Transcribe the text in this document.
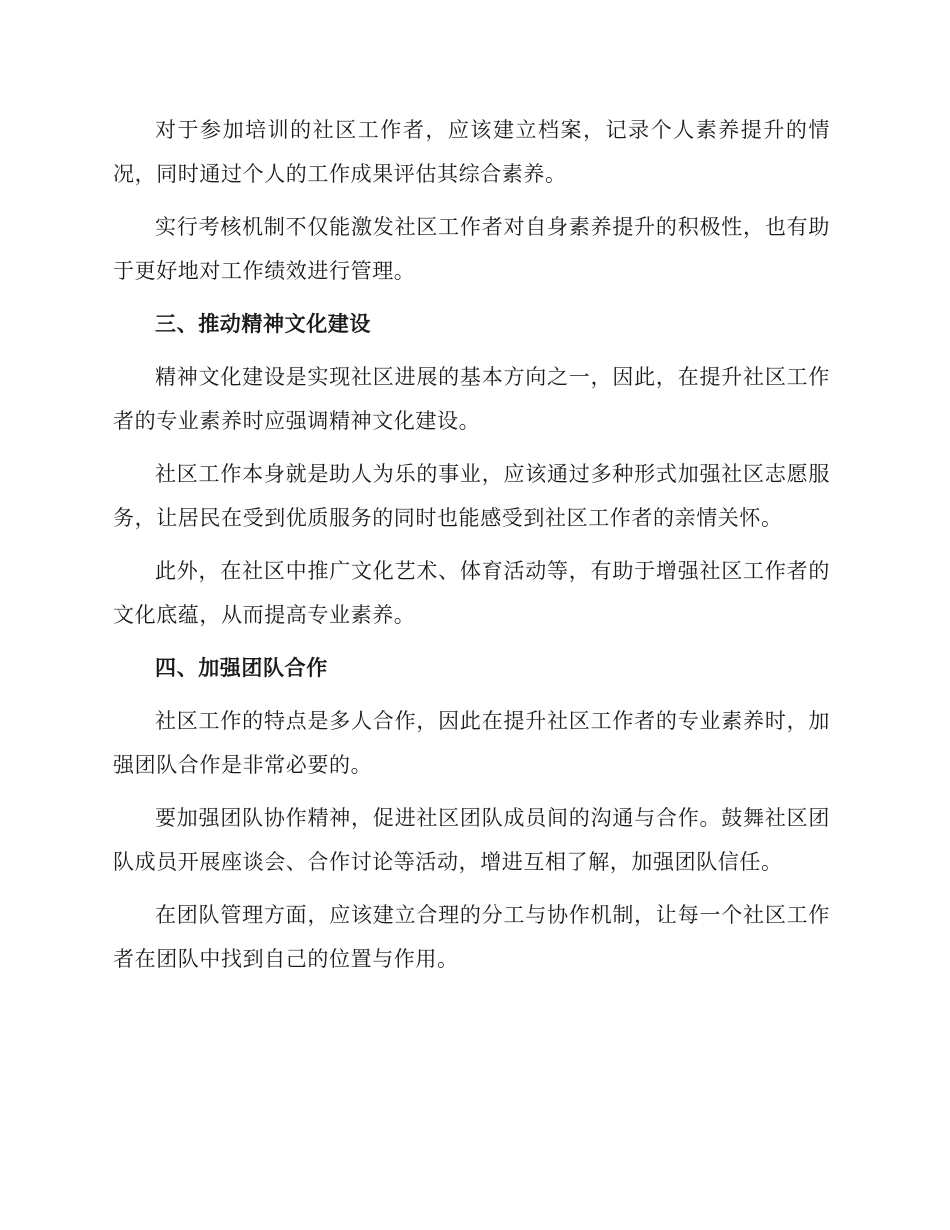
对于参加培训的社区工作者，应该建立档案，记录个人素养提升的情况，同时通过个人的工作成果评估其综合素养。

实行考核机制不仅能激发社区工作者对自身素养提升的积极性，也有助于更好地对工作绩效进行管理。

三、推动精神文化建设

精神文化建设是实现社区进展的基本方向之一，因此，在提升社区工作者的专业素养时应强调精神文化建设。

社区工作本身就是助人为乐的事业，应该通过多种形式加强社区志愿服务，让居民在受到优质服务的同时也能感受到社区工作者的亲情关怀。

此外，在社区中推广文化艺术、体育活动等，有助于增强社区工作者的文化底蕴，从而提高专业素养。

四、加强团队合作

社区工作的特点是多人合作，因此在提升社区工作者的专业素养时，加强团队合作是非常必要的。

要加强团队协作精神，促进社区团队成员间的沟通与合作。鼓舞社区团队成员开展座谈会、合作讨论等活动，增进互相了解，加强团队信任。

在团队管理方面，应该建立合理的分工与协作机制，让每一个社区工作者在团队中找到自己的位置与作用。
